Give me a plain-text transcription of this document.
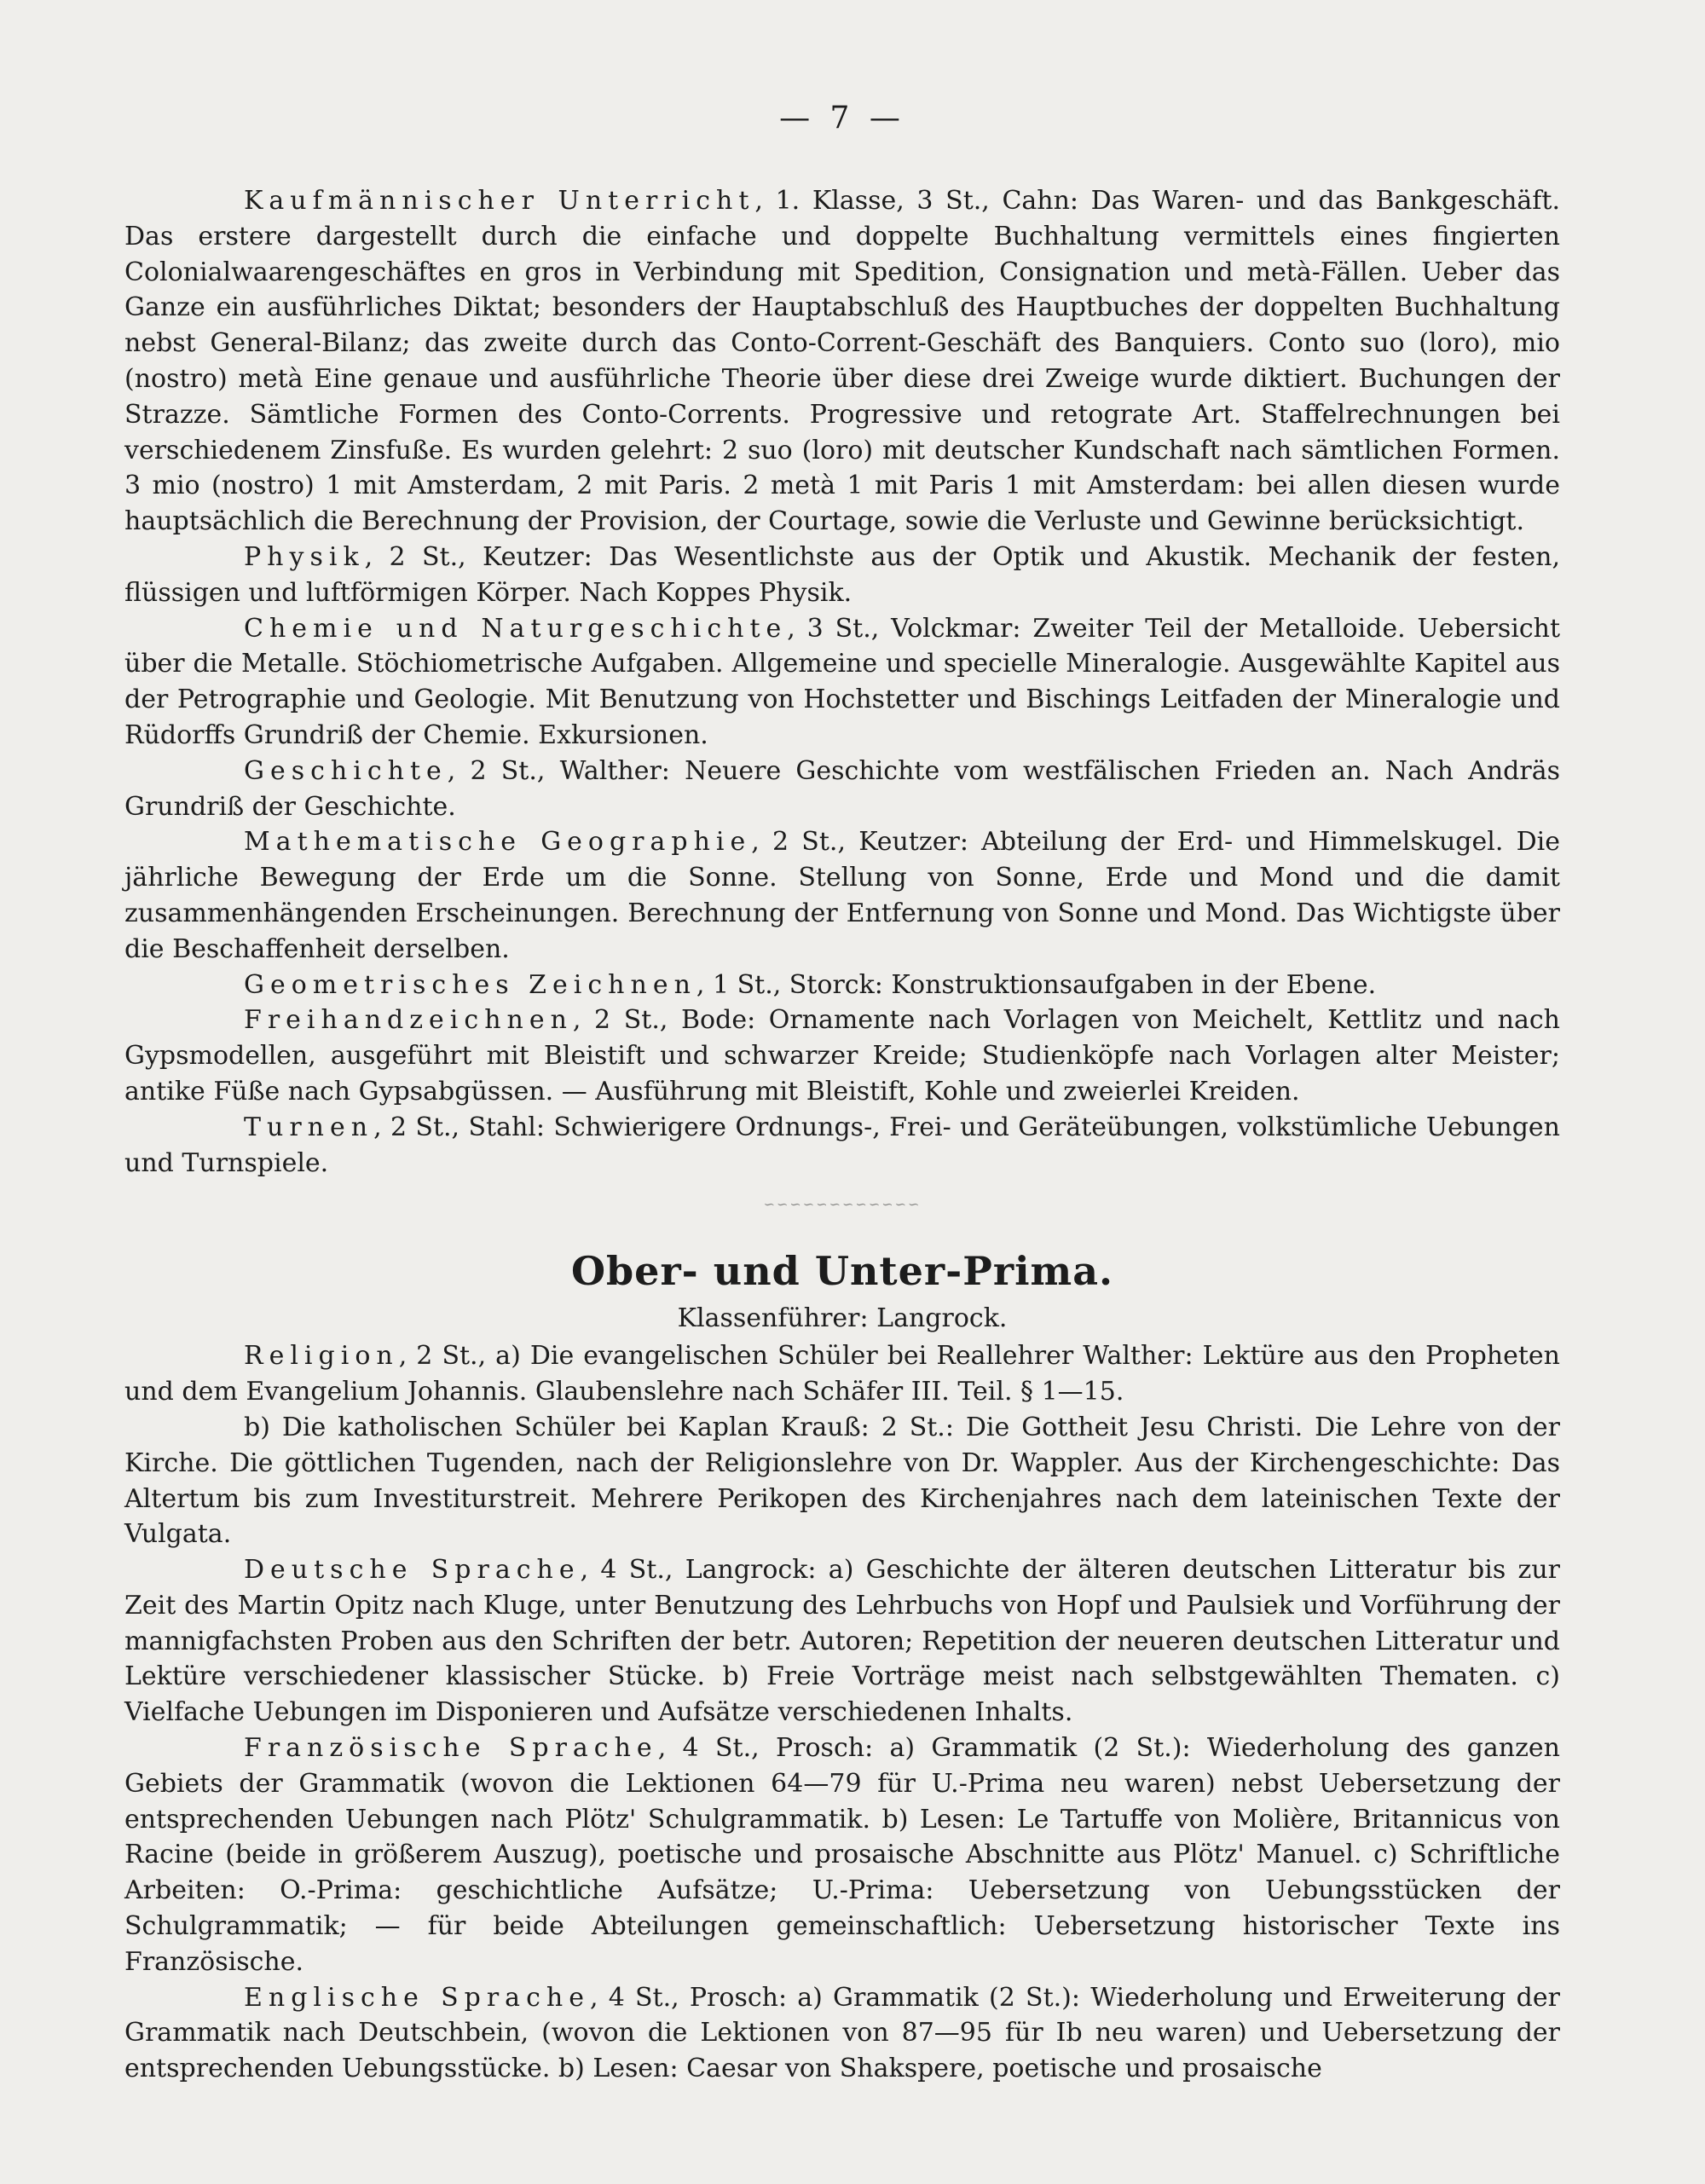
— 7 —

Kaufmännischer Unterricht, 1. Klasse, 3 St., Cahn: Das Waren- und das Bankgeschäft. Das erstere dargestellt durch die einfache und doppelte Buchhaltung vermittels eines fingierten Colonialwaarengeschäftes en gros in Verbindung mit Spedition, Consignation und metà-Fällen. Ueber das Ganze ein ausführliches Diktat; besonders der Hauptabschluß des Hauptbuches der doppelten Buchhaltung nebst General-Bilanz; das zweite durch das Conto-Corrent-Geschäft des Banquiers. Conto suo (loro), mio (nostro) metà Eine genaue und ausführliche Theorie über diese drei Zweige wurde diktiert. Buchungen der Strazze. Sämtliche Formen des Conto-Corrents. Progressive und retograte Art. Staffelrechnungen bei verschiedenem Zinsfuße. Es wurden gelehrt: 2 suo (loro) mit deutscher Kundschaft nach sämtlichen Formen. 3 mio (nostro) 1 mit Amsterdam, 2 mit Paris. 2 metà 1 mit Paris 1 mit Amsterdam: bei allen diesen wurde hauptsächlich die Berechnung der Provision, der Courtage, sowie die Verluste und Gewinne berücksichtigt.

Physik, 2 St., Keutzer: Das Wesentlichste aus der Optik und Akustik. Mechanik der festen, flüssigen und luftförmigen Körper. Nach Koppes Physik.

Chemie und Naturgeschichte, 3 St., Volckmar: Zweiter Teil der Metalloide. Uebersicht über die Metalle. Stöchiometrische Aufgaben. Allgemeine und specielle Mineralogie. Ausgewählte Kapitel aus der Petrographie und Geologie. Mit Benutzung von Hochstetter und Bischings Leitfaden der Mineralogie und Rüdorffs Grundriß der Chemie. Exkursionen.

Geschichte, 2 St., Walther: Neuere Geschichte vom westfälischen Frieden an. Nach Andräs Grundriß der Geschichte.

Mathematische Geographie, 2 St., Keutzer: Abteilung der Erd- und Himmelskugel. Die jährliche Bewegung der Erde um die Sonne. Stellung von Sonne, Erde und Mond und die damit zusammenhängenden Erscheinungen. Berechnung der Entfernung von Sonne und Mond. Das Wichtigste über die Beschaffenheit derselben.

Geometrisches Zeichnen, 1 St., Storck: Konstruktionsaufgaben in der Ebene.

Freihandzeichnen, 2 St., Bode: Ornamente nach Vorlagen von Meichelt, Kettlitz und nach Gypsmodellen, ausgeführt mit Bleistift und schwarzer Kreide; Studienköpfe nach Vorlagen alter Meister; antike Füße nach Gypsabgüssen. — Ausführung mit Bleistift, Kohle und zweierlei Kreiden.

Turnen, 2 St., Stahl: Schwierigere Ordnungs-, Frei- und Geräteübungen, volkstümliche Uebungen und Turnspiele.

∽∽∽∽∽∽∽∽∽∽∽∽
Ober- und Unter-Prima.
Klassenführer: Langrock.

Religion, 2 St., a) Die evangelischen Schüler bei Reallehrer Walther: Lektüre aus den Propheten und dem Evangelium Johannis. Glaubenslehre nach Schäfer III. Teil. § 1—15.

b) Die katholischen Schüler bei Kaplan Krauß: 2 St.: Die Gottheit Jesu Christi. Die Lehre von der Kirche. Die göttlichen Tugenden, nach der Religionslehre von Dr. Wappler. Aus der Kirchengeschichte: Das Altertum bis zum Investiturstreit. Mehrere Perikopen des Kirchenjahres nach dem lateinischen Texte der Vulgata.

Deutsche Sprache, 4 St., Langrock: a) Geschichte der älteren deutschen Litteratur bis zur Zeit des Martin Opitz nach Kluge, unter Benutzung des Lehrbuchs von Hopf und Paulsiek und Vorführung der mannigfachsten Proben aus den Schriften der betr. Autoren; Repetition der neueren deutschen Litteratur und Lektüre verschiedener klassischer Stücke. b) Freie Vorträge meist nach selbstgewählten Thematen. c) Vielfache Uebungen im Disponieren und Aufsätze verschiedenen Inhalts.

Französische Sprache, 4 St., Prosch: a) Grammatik (2 St.): Wiederholung des ganzen Gebiets der Grammatik (wovon die Lektionen 64—79 für U.-Prima neu waren) nebst Uebersetzung der entsprechenden Uebungen nach Plötz' Schulgrammatik. b) Lesen: Le Tartuffe von Molière, Britannicus von Racine (beide in größerem Auszug), poetische und prosaische Abschnitte aus Plötz' Manuel. c) Schriftliche Arbeiten: O.-Prima: geschichtliche Aufsätze; U.-Prima: Uebersetzung von Uebungsstücken der Schulgrammatik; — für beide Abteilungen gemeinschaftlich: Uebersetzung historischer Texte ins Französische.

Englische Sprache, 4 St., Prosch: a) Grammatik (2 St.): Wiederholung und Erweiterung der Grammatik nach Deutschbein, (wovon die Lektionen von 87—95 für Ib neu waren) und Uebersetzung der entsprechenden Uebungsstücke. b) Lesen: Caesar von Shakspere, poetische und prosaische
